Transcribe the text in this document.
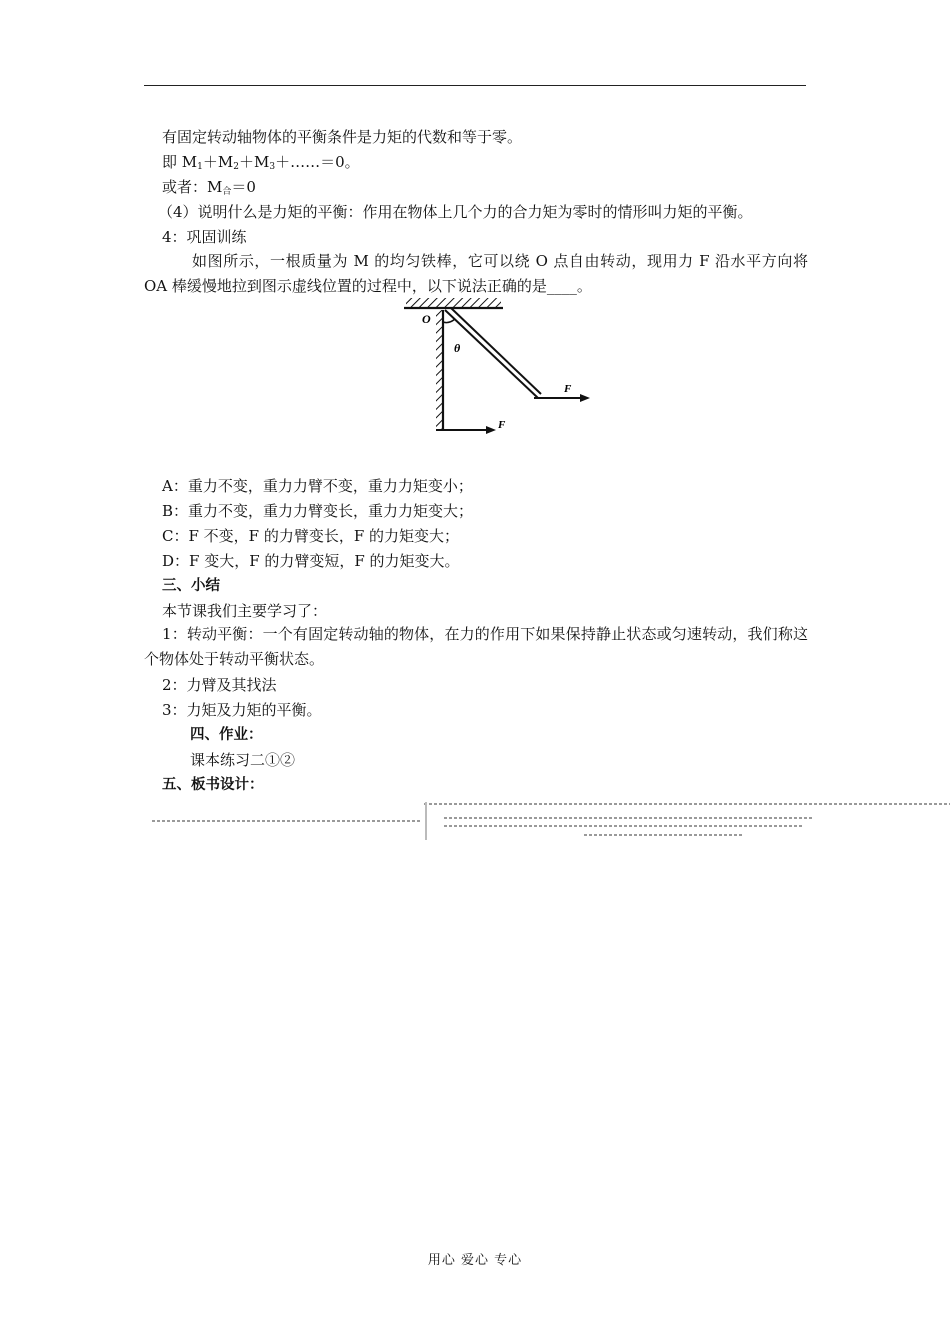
有固定转动轴物体的平衡条件是力矩的代数和等于零。
即 $M_1+M_2+M_3+\dots\dots=0$。
或者：$M_合=0$
（4）说明什么是力矩的平衡：作用在物体上几个力的合力矩为零时的情形叫力矩的平衡。
4：巩固训练
如图所示，一根质量为 M 的均匀铁棒，它可以绕 O 点自由转动，现用力 F 沿水平方向将 OA 棒缓慢地拉到图示虚线位置的过程中，以下说法正确的是____。
O
θ
F
F
A：重力不变，重力力臂不变，重力力矩变小；
B：重力不变，重力力臂变长，重力力矩变大；
C：F 不变，F 的力臂变长，F 的力矩变大；
D：F 变大，F 的力臂变短，F 的力矩变大。
三、小结
本节课我们主要学习了：
1：转动平衡：一个有固定转动轴的物体，在力的作用下如果保持静止状态或匀速转动，我们称这个物体处于转动平衡状态。
2：力臂及其找法
3：力矩及力矩的平衡。
四、作业：
课本练习二①②
五、板书设计：
用心 爱心 专心
